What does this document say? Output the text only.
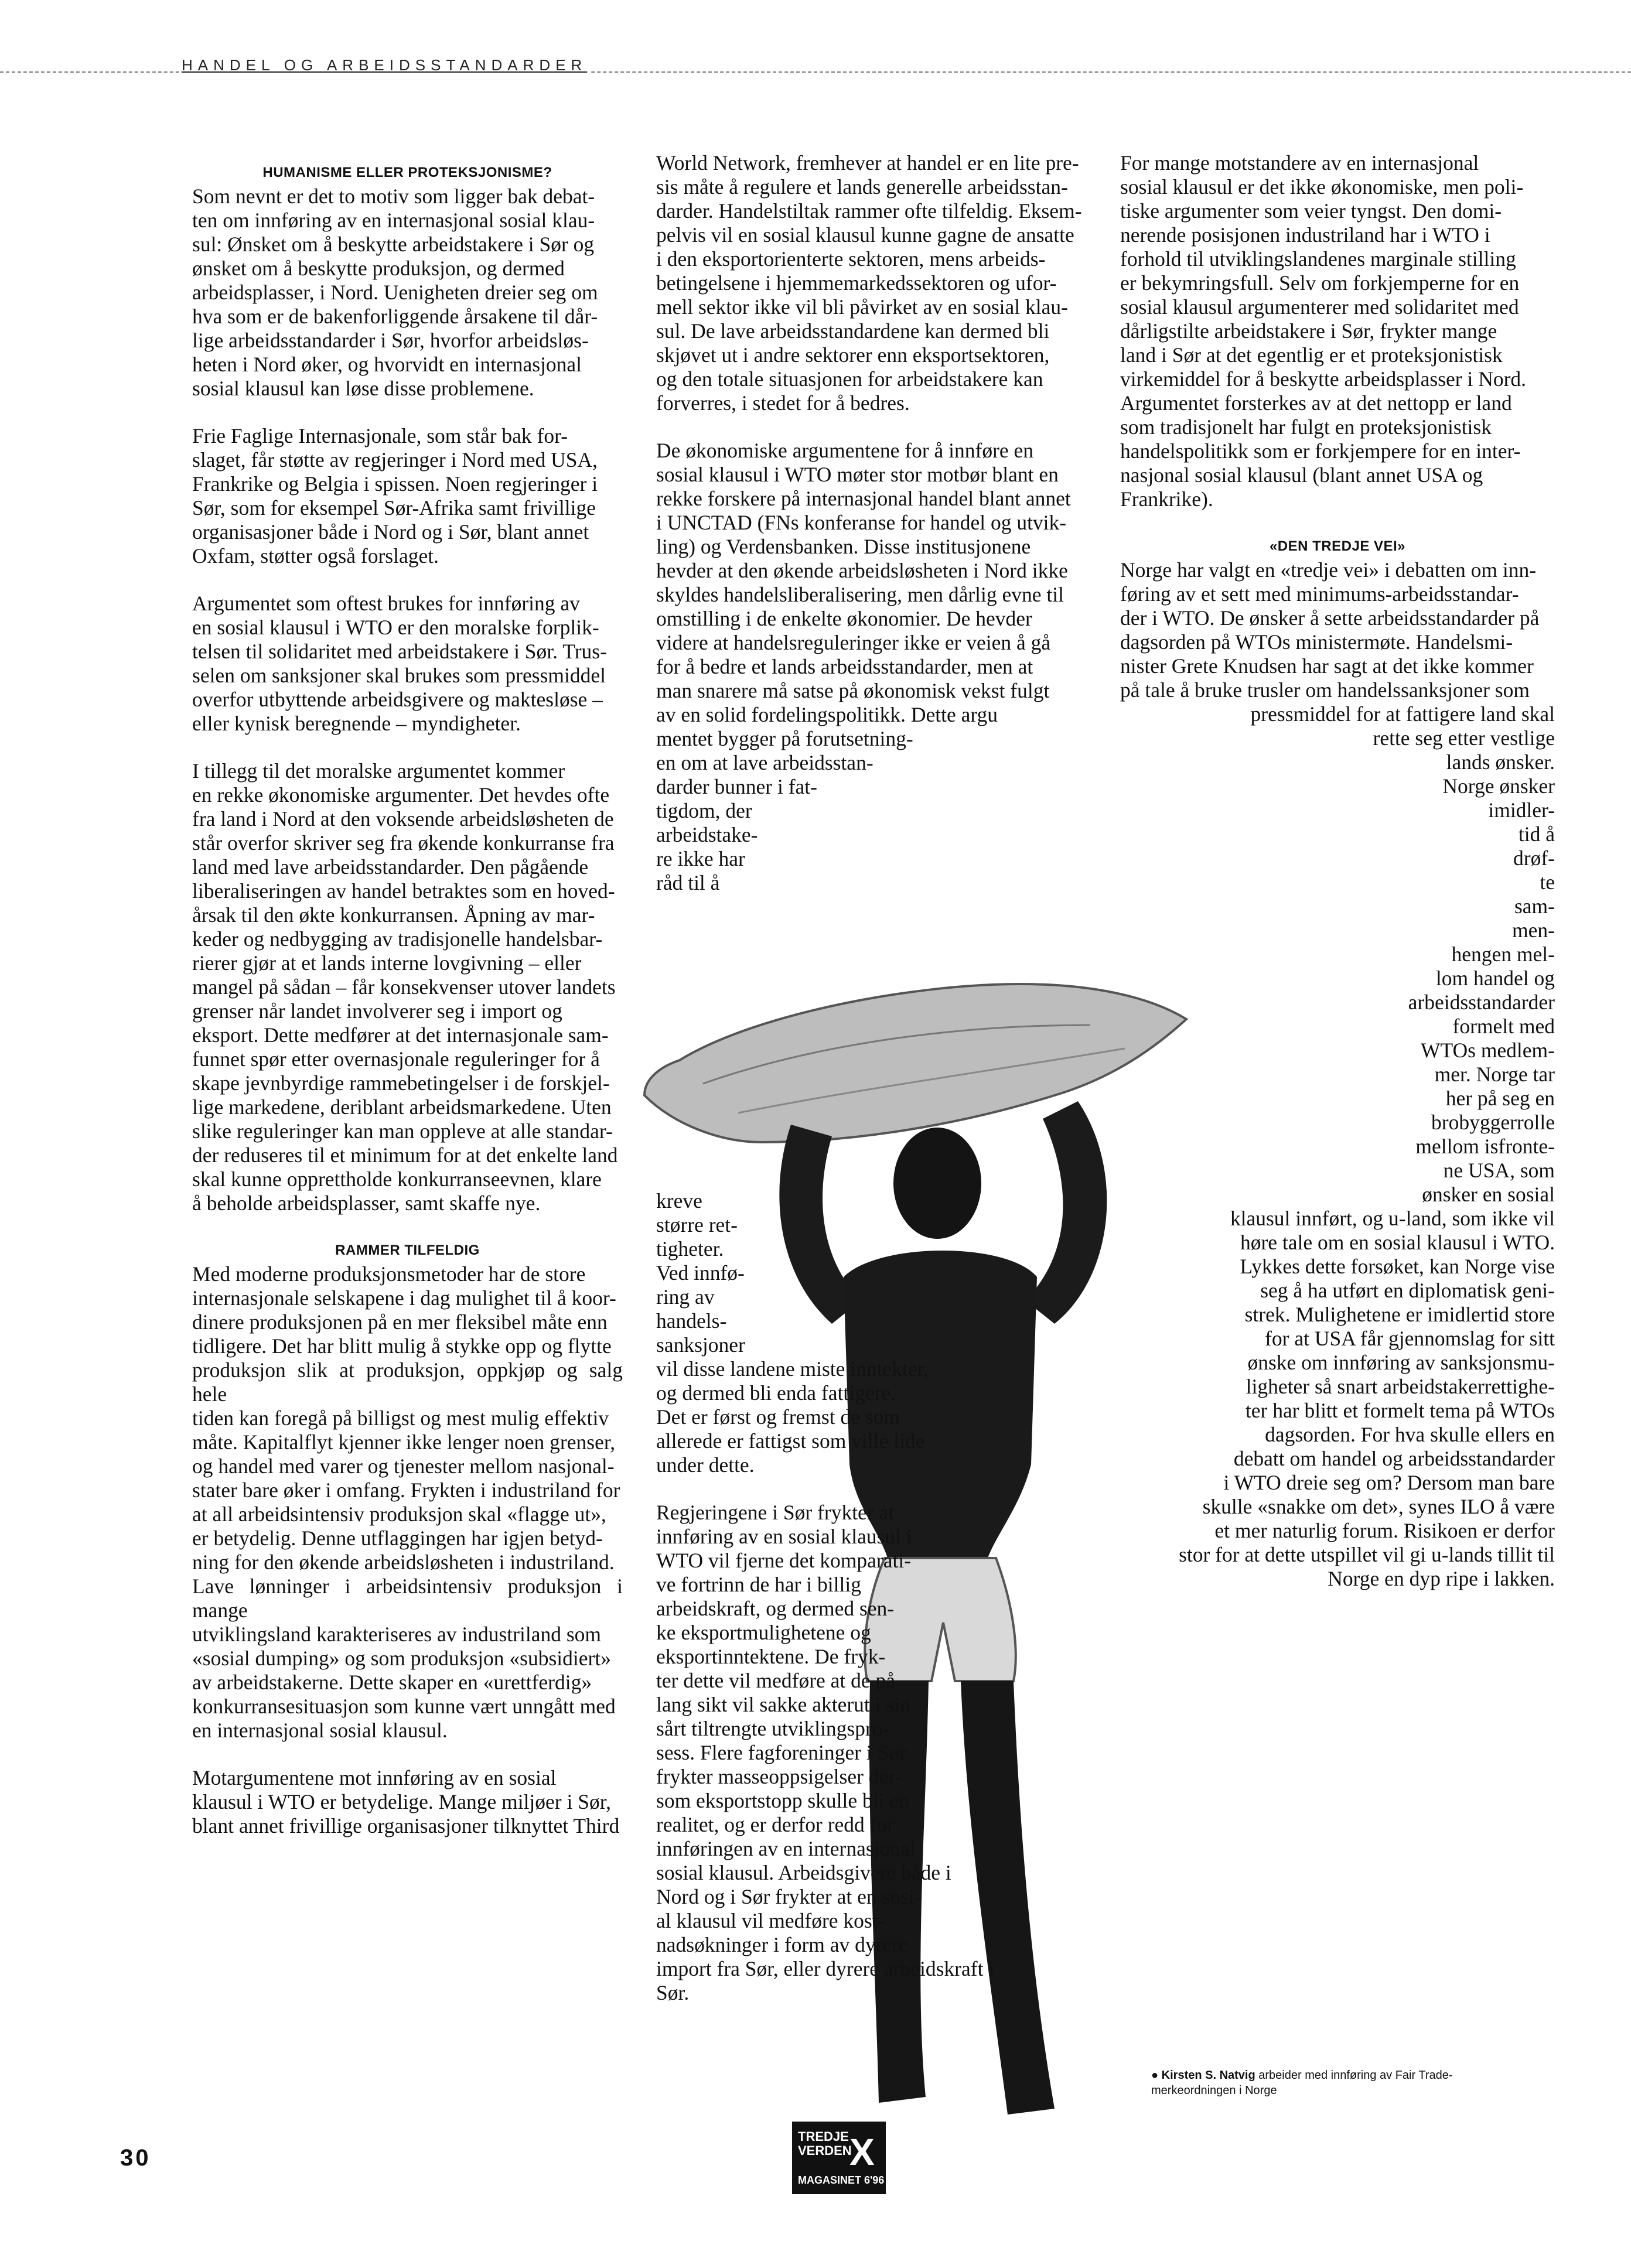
HANDEL OG ARBEIDSSTANDARDER
HUMANISME ELLER PROTEKSJONISME?

Som nevnt er det to motiv som ligger bak debat-
ten om innføring av en internasjonal sosial klau-
sul: Ønsket om å beskytte arbeidstakere i Sør og
ønsket om å beskytte produksjon, og dermed
arbeidsplasser, i Nord. Uenigheten dreier seg om
hva som er de bakenforliggende årsakene til dår-
lige arbeidsstandarder i Sør, hvorfor arbeidsløs-
heten i Nord øker, og hvorvidt en internasjonal
sosial klausul kan løse disse problemene.

Frie Faglige Internasjonale, som står bak for-
slaget, får støtte av regjeringer i Nord med USA,
Frankrike og Belgia i spissen. Noen regjeringer i
Sør, som for eksempel Sør-Afrika samt frivillige
organisasjoner både i Nord og i Sør, blant annet
Oxfam, støtter også forslaget.

Argumentet som oftest brukes for innføring av
en sosial klausul i WTO er den moralske forplik-
telsen til solidaritet med arbeidstakere i Sør. Trus-
selen om sanksjoner skal brukes som pressmiddel
overfor utbyttende arbeidsgivere og maktesløse –
eller kynisk beregnende – myndigheter.

I tillegg til det moralske argumentet kommer
en rekke økonomiske argumenter. Det hevdes ofte
fra land i Nord at den voksende arbeidsløsheten de
står overfor skriver seg fra økende konkurranse fra
land med lave arbeidsstandarder. Den pågående
liberaliseringen av handel betraktes som en hoved-
årsak til den økte konkurransen. Åpning av mar-
keder og nedbygging av tradisjonelle handelsbar-
rierer gjør at et lands interne lovgivning – eller
mangel på sådan – får konsekvenser utover landets
grenser når landet involverer seg i import og
eksport. Dette medfører at det internasjonale sam-
funnet spør etter overnasjonale reguleringer for å
skape jevnbyrdige rammebetingelser i de forskjel-
lige markedene, deriblant arbeidsmarkedene. Uten
slike reguleringer kan man oppleve at alle standar-
der reduseres til et minimum for at det enkelte land
skal kunne opprettholde konkurranseevnen, klare
å beholde arbeidsplasser, samt skaffe nye.

RAMMER TILFELDIG

Med moderne produksjonsmetoder har de store
internasjonale selskapene i dag mulighet til å koor-
dinere produksjonen på en mer fleksibel måte enn
tidligere. Det har blitt mulig å stykke opp og flytte
produksjon slik at produksjon, oppkjøp og salg hele
tiden kan foregå på billigst og mest mulig effektiv
måte. Kapitalflyt kjenner ikke lenger noen grenser,
og handel med varer og tjenester mellom nasjonal-
stater bare øker i omfang. Frykten i industriland for
at all arbeidsintensiv produksjon skal «flagge ut»,
er betydelig. Denne utflaggingen har igjen betyd-
ning for den økende arbeidsløsheten i industriland.
Lave lønninger i arbeidsintensiv produksjon i mange
utviklingsland karakteriseres av industriland som
«sosial dumping» og som produksjon «subsidiert»
av arbeidstakerne. Dette skaper en «urettferdig»
konkurransesituasjon som kunne vært unngått med
en internasjonal sosial klausul.

Motargumentene mot innføring av en sosial
klausul i WTO er betydelige. Mange miljøer i Sør,
blant annet frivillige organisasjoner tilknyttet Third

World Network, fremhever at handel er en lite pre-
sis måte å regulere et lands generelle arbeidsstan-
darder. Handelstiltak rammer ofte tilfeldig. Eksem-
pelvis vil en sosial klausul kunne gagne de ansatte
i den eksportorienterte sektoren, mens arbeids-
betingelsene i hjemmemarkedssektoren og ufor-
mell sektor ikke vil bli påvirket av en sosial klau-
sul. De lave arbeidsstandardene kan dermed bli
skjøvet ut i andre sektorer enn eksportsektoren,
og den totale situasjonen for arbeidstakere kan
forverres, i stedet for å bedres.

De økonomiske argumentene for å innføre en
sosial klausul i WTO møter stor motbør blant en
rekke forskere på internasjonal handel blant annet
i UNCTAD (FNs konferanse for handel og utvik-
ling) og Verdensbanken. Disse institusjonene
hevder at den økende arbeidsløsheten i Nord ikke
skyldes handelsliberalisering, men dårlig evne til
omstilling i de enkelte økonomier. De hevder
videre at handelsreguleringer ikke er veien å gå
for å bedre et lands arbeidsstandarder, men at
man snarere må satse på økonomisk vekst fulgt
av en solid fordelingspolitikk. Dette argu
mentet bygger på forutsetning-
en om at lave arbeidsstan-
darder bunner i fat-
tigdom, der
arbeidstake-
re ikke har
råd til å

kreve
større ret-
tigheter.
Ved innfø-
ring av
handels-
sanksjoner
vil disse landene miste inntekter,
og dermed bli enda fattigere.
Det er først og fremst de som
allerede er fattigst som ville lide
under dette.

Regjeringene i Sør frykter at
innføring av en sosial klausul i
WTO vil fjerne det komparati-
ve fortrinn de har i billig
arbeidskraft, og dermed sen-
ke eksportmulighetene og
eksportinntektene. De fryk-
ter dette vil medføre at de på
lang sikt vil sakke akterut i sin
sårt tiltrengte utviklingspro-
sess. Flere fagforeninger i Sør
frykter masseoppsigelser der-
som eksportstopp skulle bli en
realitet, og er derfor redd for
innføringen av en internasjonal
sosial klausul. Arbeidsgivere både i
Nord og i Sør frykter at en sosi-
al klausul vil medføre kost-
nadsøkninger i form av dyrere
import fra Sør, eller dyrere arbeidskraft i Sør.

For mange motstandere av en internasjonal
sosial klausul er det ikke økonomiske, men poli-
tiske argumenter som veier tyngst. Den domi-
nerende posisjonen industriland har i WTO i
forhold til utviklingslandenes marginale stilling
er bekymringsfull. Selv om forkjemperne for en
sosial klausul argumenterer med solidaritet med
dårligstilte arbeidstakere i Sør, frykter mange
land i Sør at det egentlig er et proteksjonistisk
virkemiddel for å beskytte arbeidsplasser i Nord.
Argumentet forsterkes av at det nettopp er land
som tradisjonelt har fulgt en proteksjonistisk
handelspolitikk som er forkjempere for en inter-
nasjonal sosial klausul (blant annet USA og
Frankrike).

«DEN TREDJE VEI»

Norge har valgt en «tredje vei» i debatten om inn-
føring av et sett med minimums-arbeidsstandar-
der i WTO. De ønsker å sette arbeidsstandarder på
dagsorden på WTOs ministermøte. Handelsmi-
nister Grete Knudsen har sagt at det ikke kommer
på tale å bruke trusler om handelssanksjoner som

pressmiddel for at fattigere land skal
rette seg etter vestlige
lands ønsker.
Norge ønsker
imidler-
tid å
drøf-
te
sam-
men-
hengen mel-
lom handel og
arbeidsstandarder
formelt med
WTOs medlem-
mer. Norge tar
her på seg en
brobyggerrolle
mellom isfronte-
ne USA, som
ønsker en sosial
klausul innført, og u-land, som ikke vil
høre tale om en sosial klausul i WTO.
Lykkes dette forsøket, kan Norge vise
seg å ha utført en diplomatisk geni-
strek. Mulighetene er imidlertid store
for at USA får gjennomslag for sitt
ønske om innføring av sanksjonsmu-
ligheter så snart arbeidstakerrettighe-
ter har blitt et formelt tema på WTOs
dagsorden. For hva skulle ellers en
debatt om handel og arbeidsstandarder
i WTO dreie seg om? Dersom man bare
skulle «snakke om det», synes ILO å være
et mer naturlig forum. Risikoen er derfor
stor for at dette utspillet vil gi u-lands tillit til
Norge en dyp ripe i lakken.

● Kirsten S. Natvig arbeider med innføring av Fair Trade-merkeordningen i Norge
30
TREDJE
VERDEN
X
MAGASINET 6'96
